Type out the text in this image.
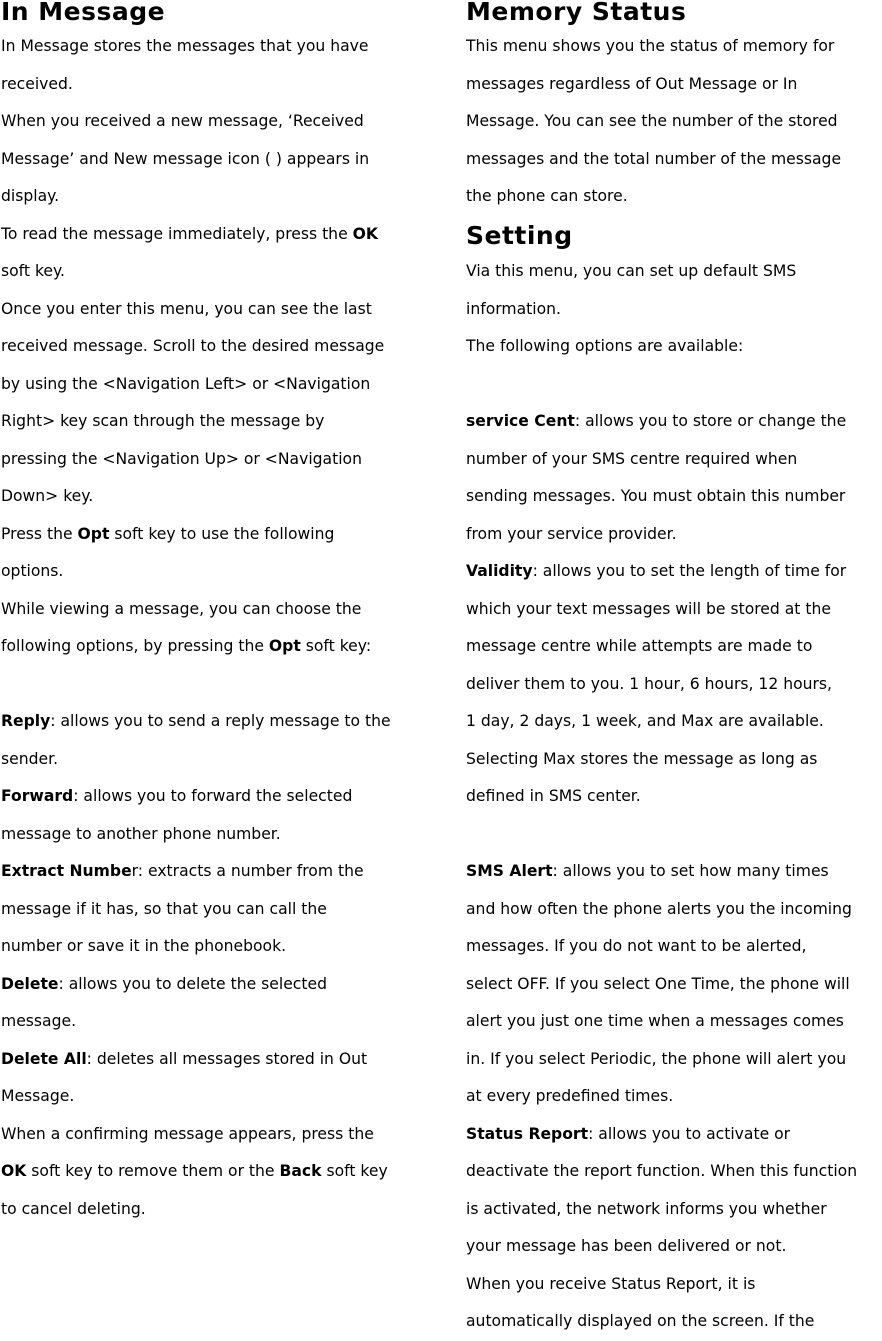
In Message

In Message stores the messages that you have

received.

When you received a new message, ‘Received

Message’ and New message icon ( ) appears in

display.

To read the message immediately, press the OK

soft key.

Once you enter this menu, you can see the last

received message. Scroll to the desired message

by using the <Navigation Left> or <Navigation

Right> key scan through the message by

pressing the <Navigation Up> or <Navigation

Down> key.

Press the Opt soft key to use the following

options.

While viewing a message, you can choose the

following options, by pressing the Opt soft key:

Reply: allows you to send a reply message to the

sender.

Forward: allows you to forward the selected

message to another phone number.

Extract Number: extracts a number from the

message if it has, so that you can call the

number or save it in the phonebook.

Delete: allows you to delete the selected

message.

Delete All: deletes all messages stored in Out

Message.

When a confirming message appears, press the

OK soft key to remove them or the Back soft key

to cancel deleting.

Memory Status

This menu shows you the status of memory for

messages regardless of Out Message or In

Message. You can see the number of the stored

messages and the total number of the message

the phone can store.

Setting

Via this menu, you can set up default SMS

information.

The following options are available:

service Cent: allows you to store or change the

number of your SMS centre required when

sending messages. You must obtain this number

from your service provider.

Validity: allows you to set the length of time for

which your text messages will be stored at the

message centre while attempts are made to

deliver them to you. 1 hour, 6 hours, 12 hours,

1 day, 2 days, 1 week, and Max are available.

Selecting Max stores the message as long as

defined in SMS center.

SMS Alert: allows you to set how many times

and how often the phone alerts you the incoming

messages. If you do not want to be alerted,

select OFF. If you select One Time, the phone will

alert you just one time when a messages comes

in. If you select Periodic, the phone will alert you

at every predefined times.

Status Report: allows you to activate or

deactivate the report function. When this function

is activated, the network informs you whether

your message has been delivered or not.

When you receive Status Report, it is

automatically displayed on the screen. If the
